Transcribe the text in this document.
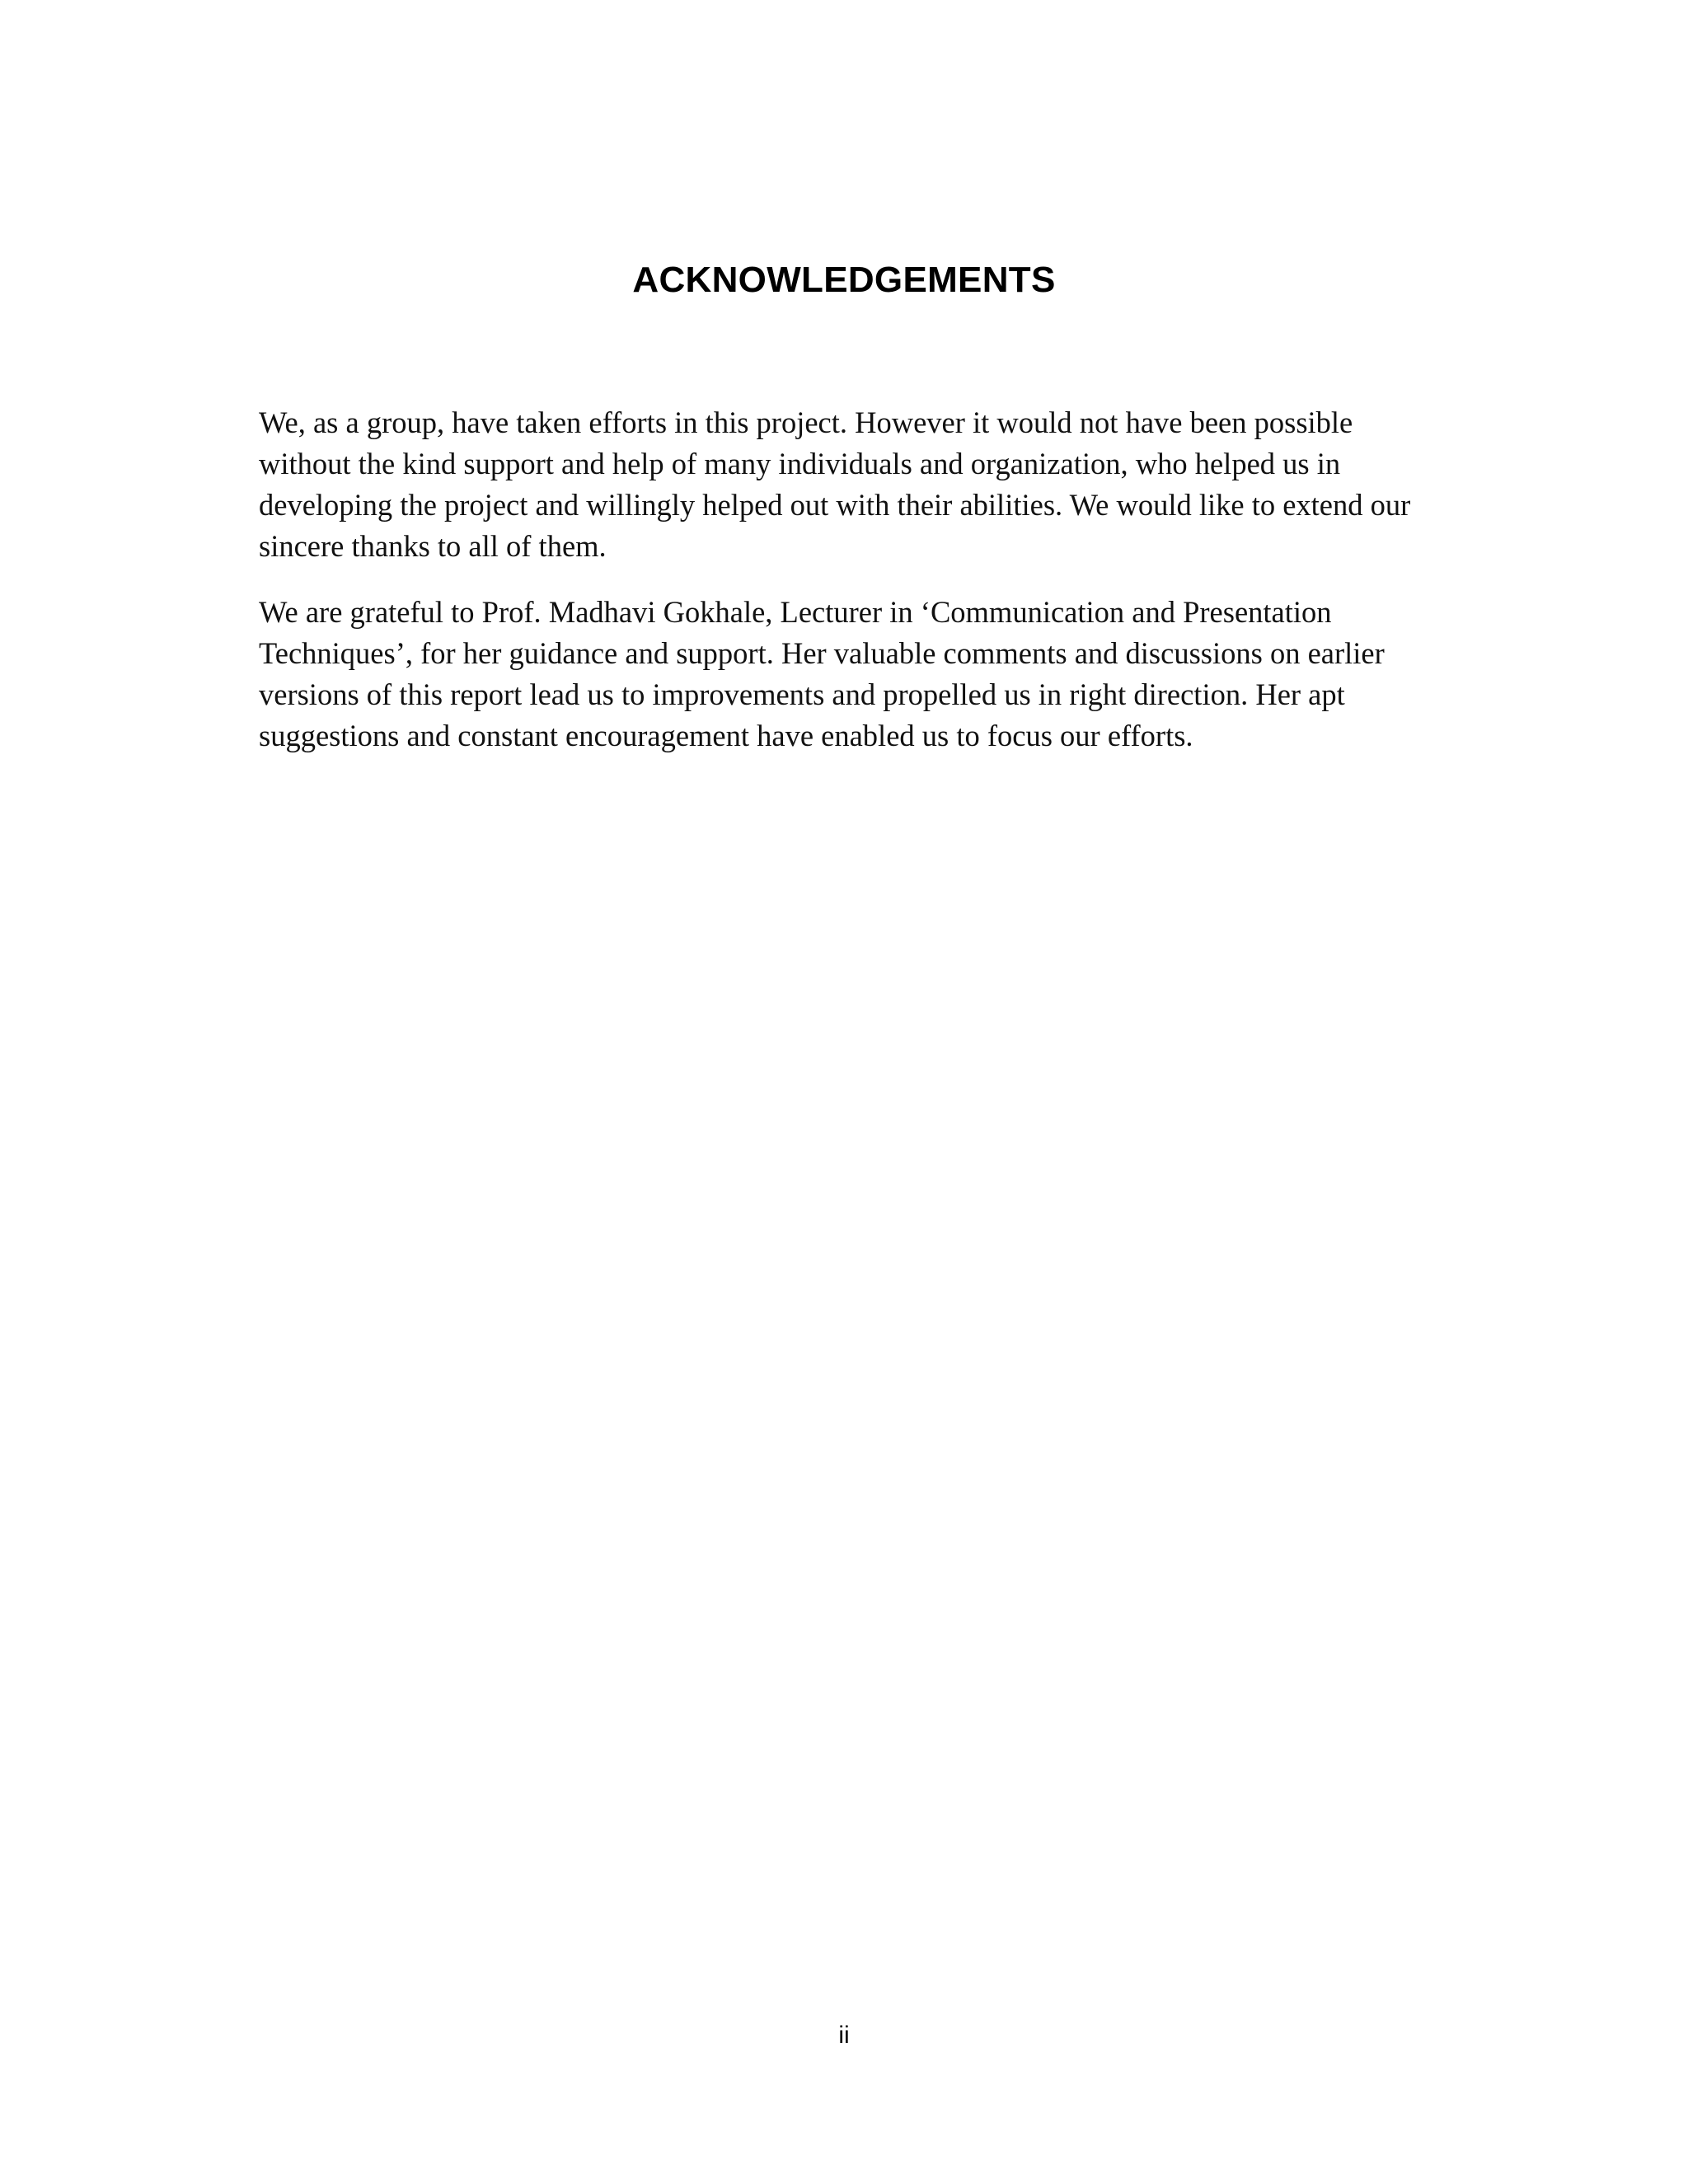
ACKNOWLEDGEMENTS

We, as a group, have taken efforts in this project. However it would not have been possible without the kind support and help of many individuals and organization, who helped us in developing the project and willingly helped out with their abilities. We would like to extend our sincere thanks to all of them.

We are grateful to Prof. Madhavi Gokhale, Lecturer in ‘Communication and Presentation Techniques’, for her guidance and support. Her valuable comments and discussions on earlier versions of this report lead us to improvements and propelled us in right direction. Her apt suggestions and constant encouragement have enabled us to focus our efforts.

ii
